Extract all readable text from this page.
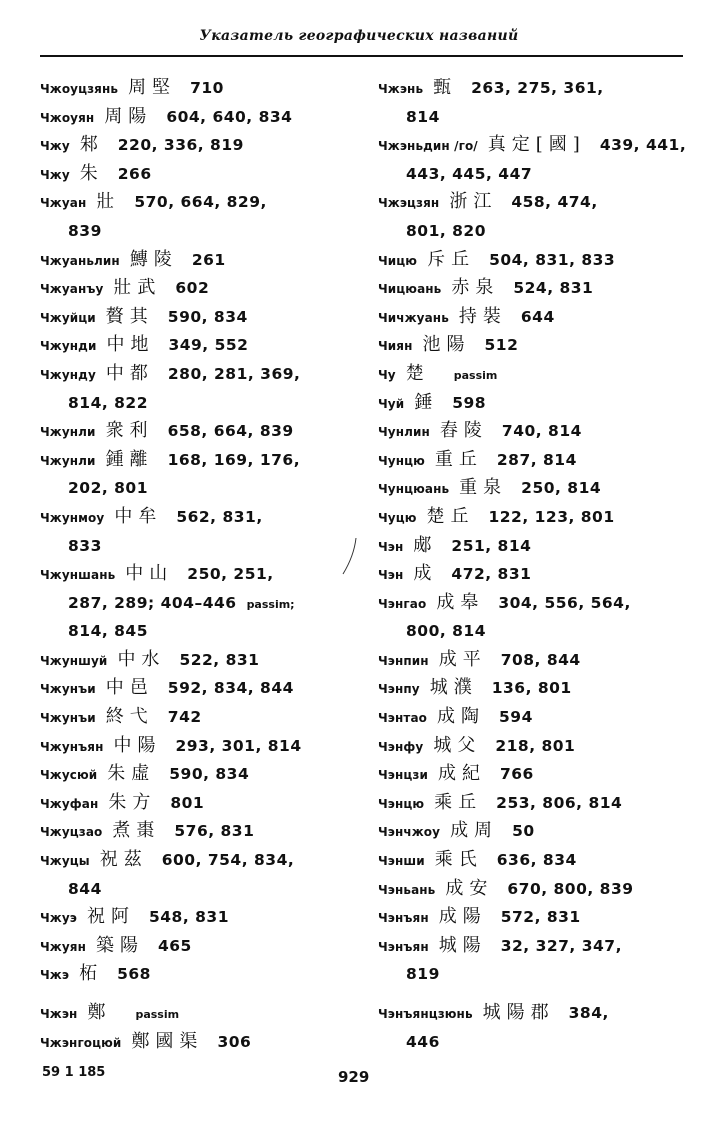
Указатель географических названий
Чжоуцзянь 周堅 710
Чжоуян 周陽 604, 640, 834
Чжу 邾 220, 336, 819
Чжу 朱 266
Чжуан 壯 570, 664, 829,
839
Чжуаньлин 鱄陵 261
Чжуанъу 壯武 602
Чжуйци 贅其 590, 834
Чжунди 中地 349, 552
Чжунду 中都 280, 281, 369,
814, 822
Чжунли 衆利 658, 664, 839
Чжунли 鍾離 168, 169, 176,
202, 801
Чжунмоу 中牟 562, 831,
833
Чжуншань 中山 250, 251,
287, 289; 404–446 passim;
814, 845
Чжуншуй 中水 522, 831
Чжунъи 中邑 592, 834, 844
Чжунъи 終弋 742
Чжунъян 中陽 293, 301, 814
Чжусюй 朱虛 590, 834
Чжуфан 朱方 801
Чжуцзао 煮棗 576, 831
Чжуцы 祝茲 600, 754, 834,
844
Чжуэ 祝阿 548, 831
Чжуян 築陽 465
Чжэ 柘 568
Чжэн 鄭 passim
Чжэнгоцюй 鄭國渠 306
Чжэнь 甄 263, 275, 361,
814
Чжэньдин /го/ 真定[國] 439, 441,
443, 445, 447
Чжэцзян 浙江 458, 474,
801, 820
Чицю 斥丘 504, 831, 833
Чицюань 赤泉 524, 831
Чичжуань 持裝 644
Чиян 池陽 512
Чу 楚 passim
Чуй 錘 598
Чунлин 舂陵 740, 814
Чунцю 重丘 287, 814
Чунцюань 重泉 250, 814
Чуцю 楚丘 122, 123, 801
Чэн 郕 251, 814
Чэн 成 472, 831
Чэнгао 成皋 304, 556, 564,
800, 814
Чэнпин 成平 708, 844
Чэнпу 城濮 136, 801
Чэнтао 成陶 594
Чэнфу 城父 218, 801
Чэнцзи 成紀 766
Чэнцю 乘丘 253, 806, 814
Чэнчжоу 成周 50
Чэнши 乘氏 636, 834
Чэньань 成安 670, 800, 839
Чэнъян 成陽 572, 831
Чэнъян 城陽 32, 327, 347,
819
Чэнъянцзюнь 城陽郡 384,
446
59 1 185	929
